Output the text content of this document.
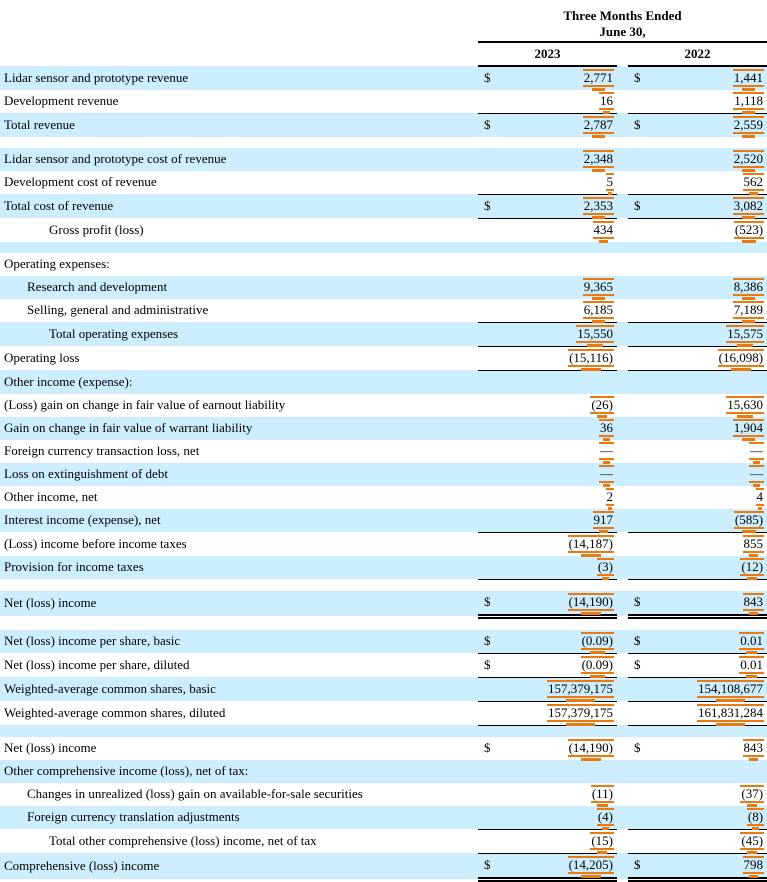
	Three Months Ended
June 30,				

	2023			2022	
Lidar sensor and prototype revenue	$	2,771		$	1,441
Development revenue		16			1,118
Total revenue	$	2,787		$	2,559

Lidar sensor and prototype cost of revenue		2,348			2,520
Development cost of revenue		5			562
Total cost of revenue	$	2,353		$	3,082
Gross profit (loss)		434			(523)

Operating expenses:					
Research and development		9,365			8,386
Selling, general and administrative		6,185			7,189
Total operating expenses		15,550			15,575
Operating loss		(15,116)			(16,098)
Other income (expense):					
(Loss) gain on change in fair value of earnout liability		(26)			15,630
Gain on change in fair value of warrant liability		36			1,904
Foreign currency transaction loss, net		—			—
Loss on extinguishment of debt		—			—
Other income, net		2			4
Interest income (expense), net		917			(585)
(Loss) income before income taxes		(14,187)			855
Provision for income taxes		(3)			(12)

Net (loss) income	$	(14,190)		$	843

Net (loss) income per share, basic	$	(0.09)		$	0.01
Net (loss) income per share, diluted	$	(0.09)		$	0.01
Weighted-average common shares, basic		157,379,175			154,108,677
Weighted-average common shares, diluted		157,379,175			161,831,284

Net (loss) income	$	(14,190)		$	843
Other comprehensive income (loss), net of tax:					
Changes in unrealized (loss) gain on available-for-sale securities		(11)			(37)
Foreign currency translation adjustments		(4)			(8)
Total other comprehensive (loss) income, net of tax		(15)			(45)
Comprehensive (loss) income	$	(14,205)		$	798
